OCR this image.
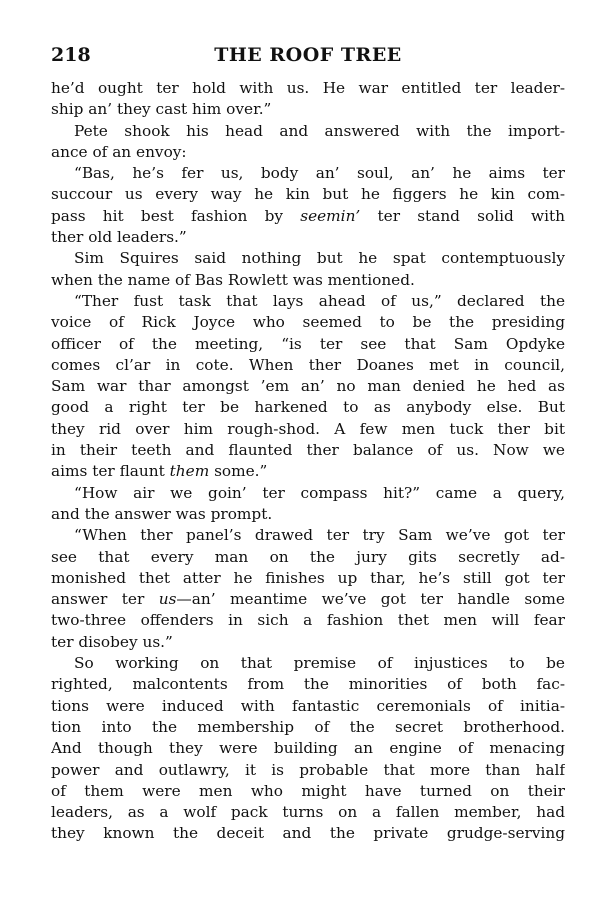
218	THE ROOF TREE
he’d ought ter hold with us. He war entitled ter leader-
ship an’ they cast him over.”
Pete shook his head and answered with the import-
ance of an envoy:
“Bas, he’s fer us, body an’ soul, an’ he aims ter
succour us every way he kin but he figgers he kin com-
pass hit best fashion by seemin’ ter stand solid with
ther old leaders.”
Sim Squires said nothing but he spat contemptuously
when the name of Bas Rowlett was mentioned.
“Ther fust task that lays ahead of us,” declared the
voice of Rick Joyce who seemed to be the presiding
officer of the meeting, “is ter see that Sam Opdyke
comes cl’ar in cote. When ther Doanes met in council,
Sam war thar amongst ’em an’ no man denied he hed as
good a right ter be harkened to as anybody else. But
they rid over him rough-shod. A few men tuck ther bit
in their teeth and flaunted ther balance of us. Now we
aims ter flaunt them some.”
“How air we goin’ ter compass hit?” came a query,
and the answer was prompt.
“When ther panel’s drawed ter try Sam we’ve got ter
see that every man on the jury gits secretly ad-
monished thet atter he finishes up thar, he’s still got ter
answer ter us—an’ meantime we’ve got ter handle some
two-three offenders in sich a fashion thet men will fear
ter disobey us.”
So working on that premise of injustices to be
righted, malcontents from the minorities of both fac-
tions were induced with fantastic ceremonials of initia-
tion into the membership of the secret brotherhood.
And though they were building an engine of menacing
power and outlawry, it is probable that more than half
of them were men who might have turned on their
leaders, as a wolf pack turns on a fallen member, had
they known the deceit and the private grudge-serving
